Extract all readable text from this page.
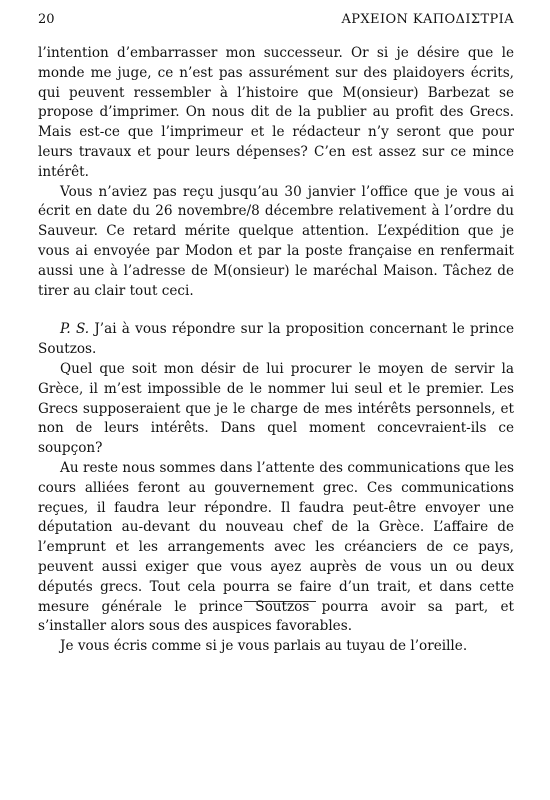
20	ΑΡΧΕΙΟΝ ΚΑΠΟΔΙΣΤΡΙΑ

l’intention d’embarrasser mon successeur. Or si je désire que le monde me juge, ce n’est pas assurément sur des plaidoyers écrits, qui peuvent ressembler à l’histoire que M(onsieur) Barbezat se propose d’imprimer. On nous dit de la publier au profit des Grecs. Mais est-ce que l’imprimeur et le rédacteur n’y seront que pour leurs travaux et pour leurs dépenses? C’en est assez sur ce mince intérêt.

Vous n’aviez pas reçu jusqu’au 30 janvier l’office que je vous ai écrit en date du 26 novembre/8 décembre relativement à l’ordre du Sauveur. Ce retard mérite quelque attention. L’expédition que je vous ai envoyée par Modon et par la poste française en renfermait aussi une à l’adresse de M(onsieur) le maréchal Maison. Tâchez de tirer au clair tout ceci.

P. S. J’ai à vous répondre sur la proposition concernant le prince Soutzos.

Quel que soit mon désir de lui procurer le moyen de servir la Grèce, il m’est impossible de le nommer lui seul et le premier. Les Grecs supposeraient que je le charge de mes intérêts personnels, et non de leurs intérêts. Dans quel moment concevraient-ils ce soupçon?

Au reste nous sommes dans l’attente des communications que les cours alliées feront au gouvernement grec. Ces communications reçues, il faudra leur répondre. Il faudra peut-être envoyer une députation au-devant du nouveau chef de la Grèce. L’affaire de l’emprunt et les arrangements avec les créanciers de ce pays, peuvent aussi exiger que vous ayez auprès de vous un ou deux députés grecs. Tout cela pourra se faire d’un trait, et dans cette mesure générale le prince Soutzos pourra avoir sa part, et s’installer alors sous des auspices favorables.

Je vous écris comme si je vous parlais au tuyau de l’oreille.
